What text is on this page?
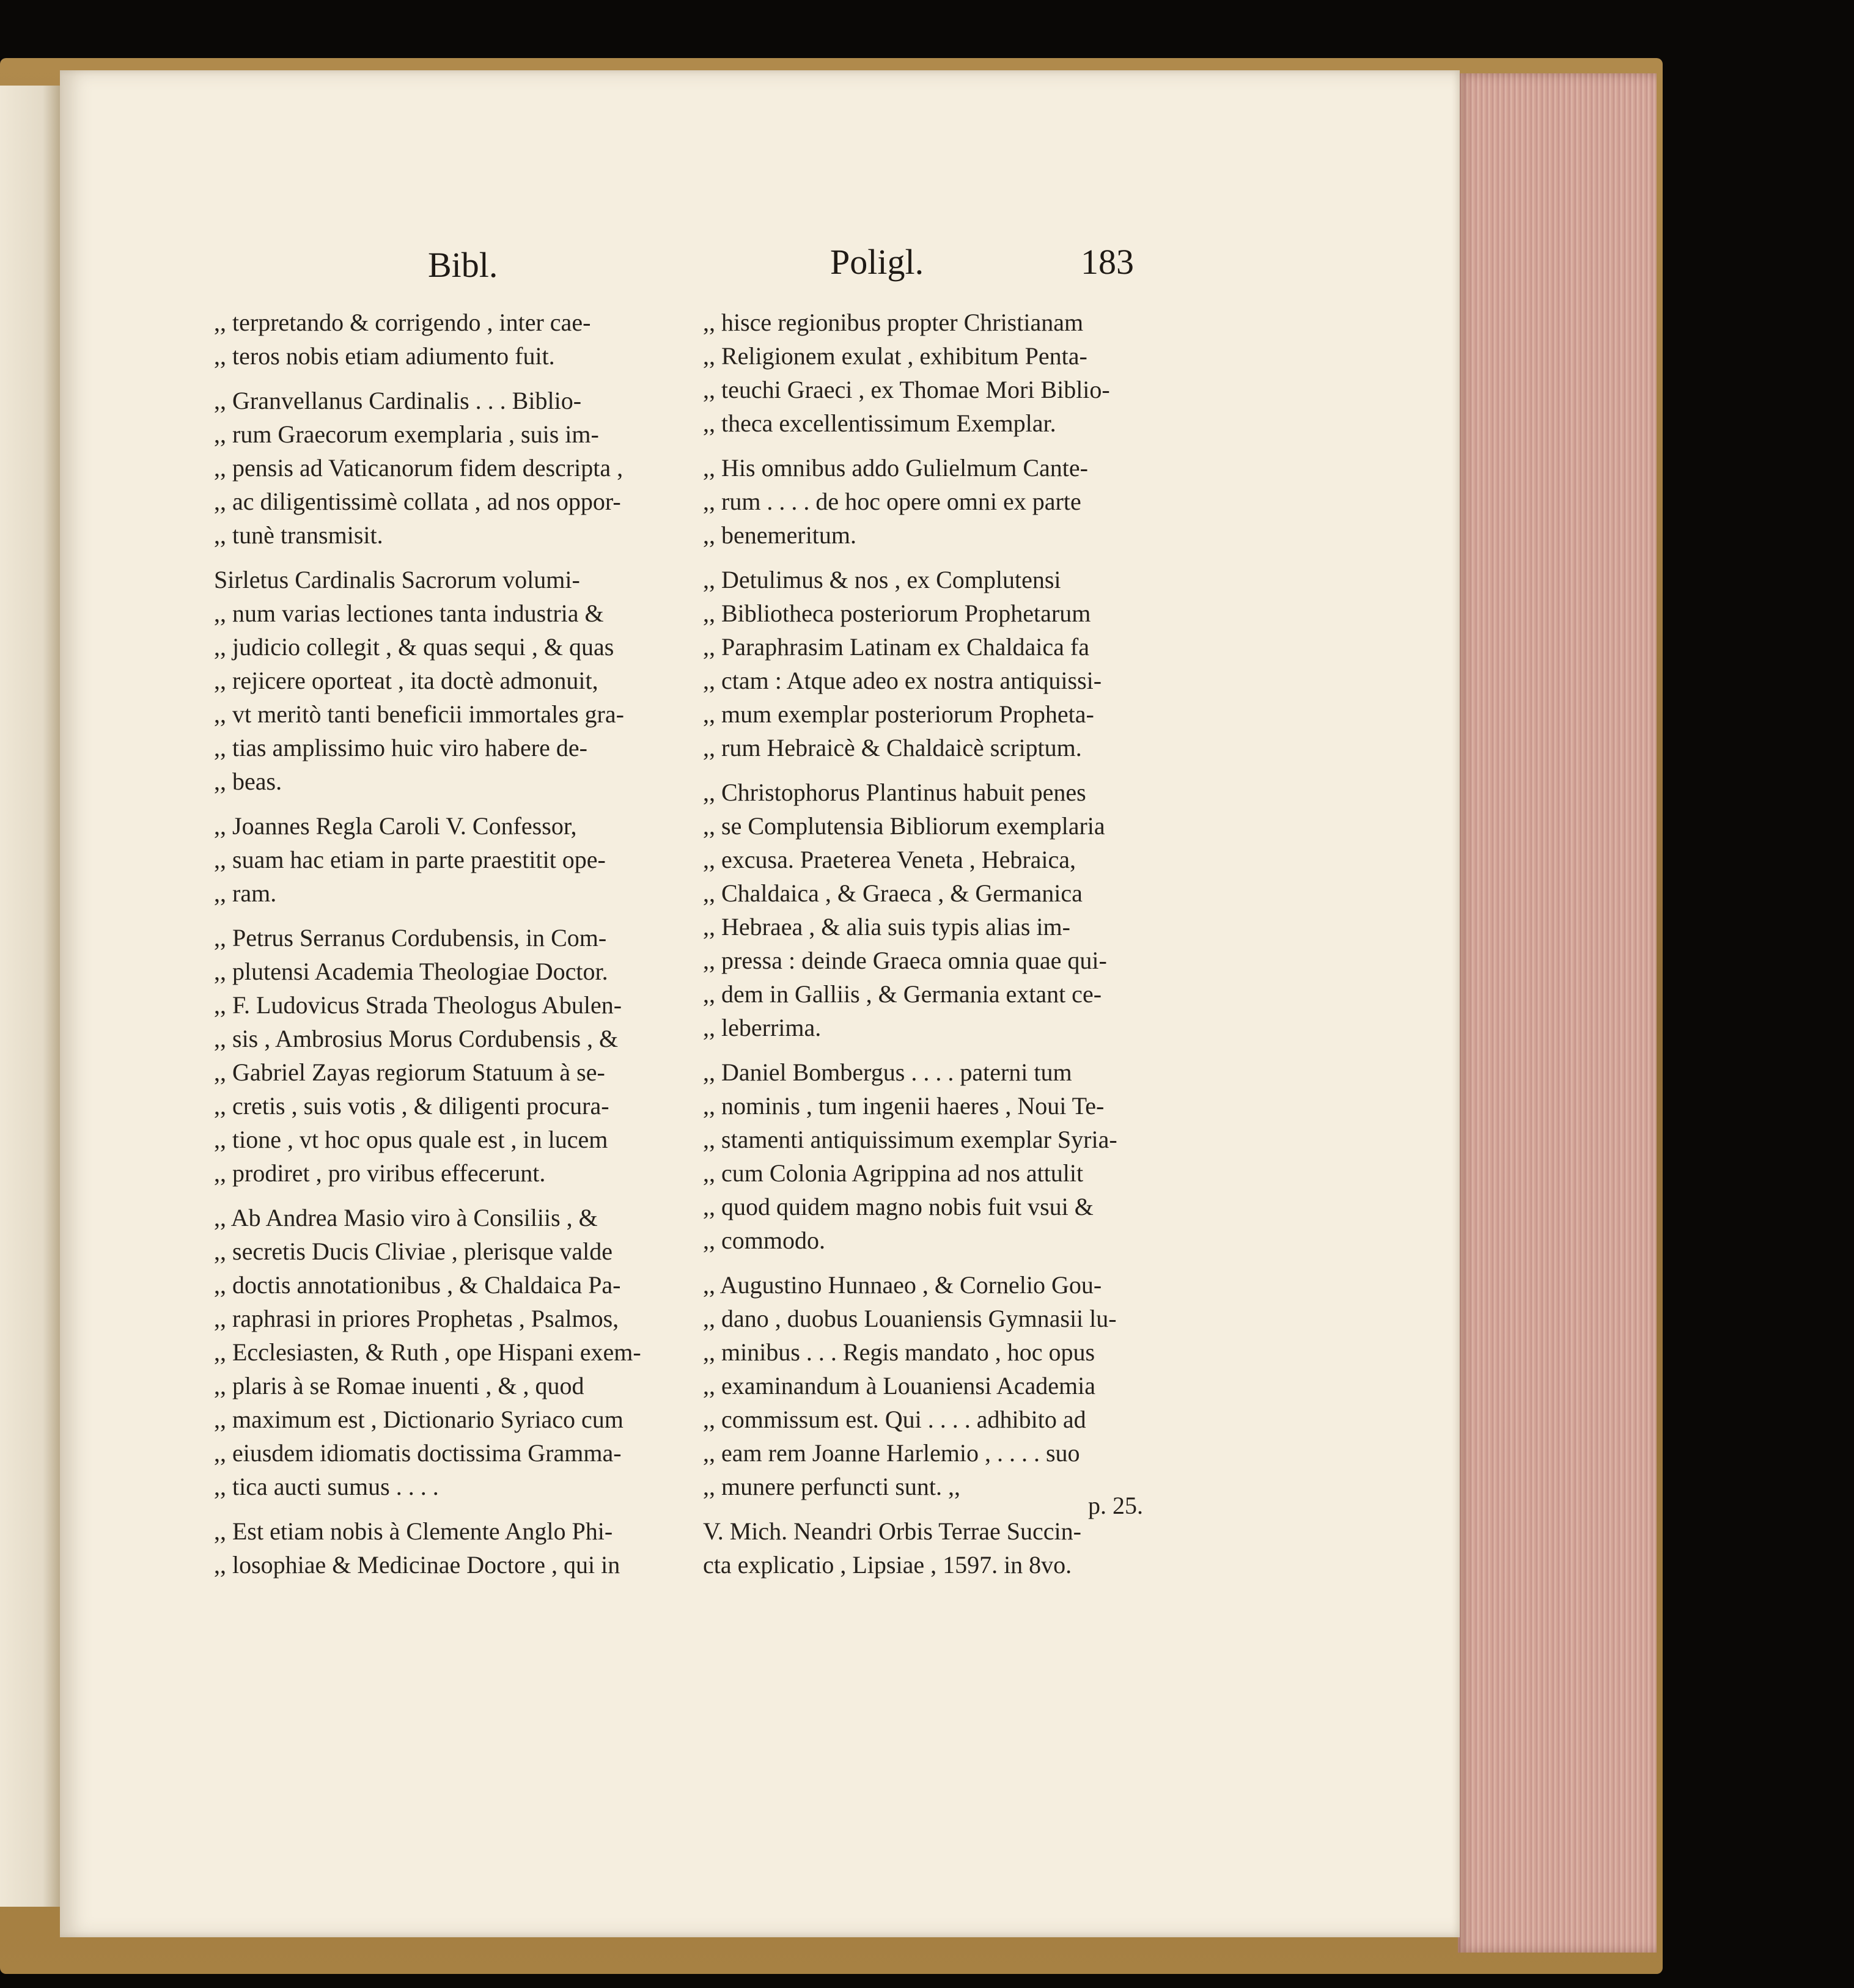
Bibl.	Poligl.	183
,, terpretando & corrigendo , inter cae-
,, teros nobis etiam adiumento fuit.
,, Granvellanus Cardinalis . . . Biblio-
,, rum Graecorum exemplaria , suis im-
,, pensis ad Vaticanorum fidem descripta ,
,, ac diligentissimè collata , ad nos oppor-
,, tunè transmisit.
Sirletus Cardinalis Sacrorum volumi-
,, num varias lectiones tanta industria &
,, judicio collegit , & quas sequi , & quas
,, rejicere oporteat , ita doctè admonuit,
,, vt meritò tanti beneficii immortales gra-
,, tias amplissimo huic viro habere de-
,, beas.
,, Joannes Regla Caroli V. Confessor,
,, suam hac etiam in parte praestitit ope-
,, ram.
,, Petrus Serranus Cordubensis, in Com-
,, plutensi Academia Theologiae Doctor.
,, F. Ludovicus Strada Theologus Abulen-
,, sis , Ambrosius Morus Cordubensis , &
,, Gabriel Zayas regiorum Statuum à se-
,, cretis , suis votis , & diligenti procura-
,, tione , vt hoc opus quale est , in lucem
,, prodiret , pro viribus effecerunt.
,, Ab Andrea Masio viro à Consiliis , &
,, secretis Ducis Cliviae , plerisque valde
,, doctis annotationibus , & Chaldaica Pa-
,, raphrasi in priores Prophetas , Psalmos,
,, Ecclesiasten, & Ruth , ope Hispani exem-
,, plaris à se Romae inuenti , & , quod
,, maximum est , Dictionario Syriaco cum
,, eiusdem idiomatis doctissima Gramma-
,, tica aucti sumus . . . .
,, Est etiam nobis à Clemente Anglo Phi-
,, losophiae & Medicinae Doctore , qui in
,, hisce regionibus propter Christianam
,, Religionem exulat , exhibitum Penta-
,, teuchi Graeci , ex Thomae Mori Biblio-
,, theca excellentissimum Exemplar.
,, His omnibus addo Gulielmum Cante-
,, rum . . . . de hoc opere omni ex parte
,, benemeritum.
,, Detulimus & nos , ex Complutensi
,, Bibliotheca posteriorum Prophetarum
,, Paraphrasim Latinam ex Chaldaica fa
,, ctam : Atque adeo ex nostra antiquissi-
,, mum exemplar posteriorum Propheta-
,, rum Hebraicè & Chaldaicè scriptum.
,, Christophorus Plantinus habuit penes
,, se Complutensia Bibliorum exemplaria
,, excusa. Praeterea Veneta , Hebraica,
,, Chaldaica , & Graeca , & Germanica
,, Hebraea , & alia suis typis alias im-
,, pressa : deinde Graeca omnia quae qui-
,, dem in Galliis , & Germania extant ce-
,, leberrima.
,, Daniel Bombergus . . . . paterni tum
,, nominis , tum ingenii haeres , Noui Te-
,, stamenti antiquissimum exemplar Syria-
,, cum Colonia Agrippina ad nos attulit
,, quod quidem magno nobis fuit vsui &
,, commodo.
,, Augustino Hunnaeo , & Cornelio Gou-
,, dano , duobus Louaniensis Gymnasii lu-
,, minibus . . . Regis mandato , hoc opus
,, examinandum à Louaniensi Academia
,, commissum est. Qui . . . . adhibito ad
,, eam rem Joanne Harlemio , . . . . suo
,, munere perfuncti sunt. ,,
V. Mich. Neandri Orbis Terrae Succin-
cta explicatio , Lipsiae , 1597. in 8vo.
p. 25.
